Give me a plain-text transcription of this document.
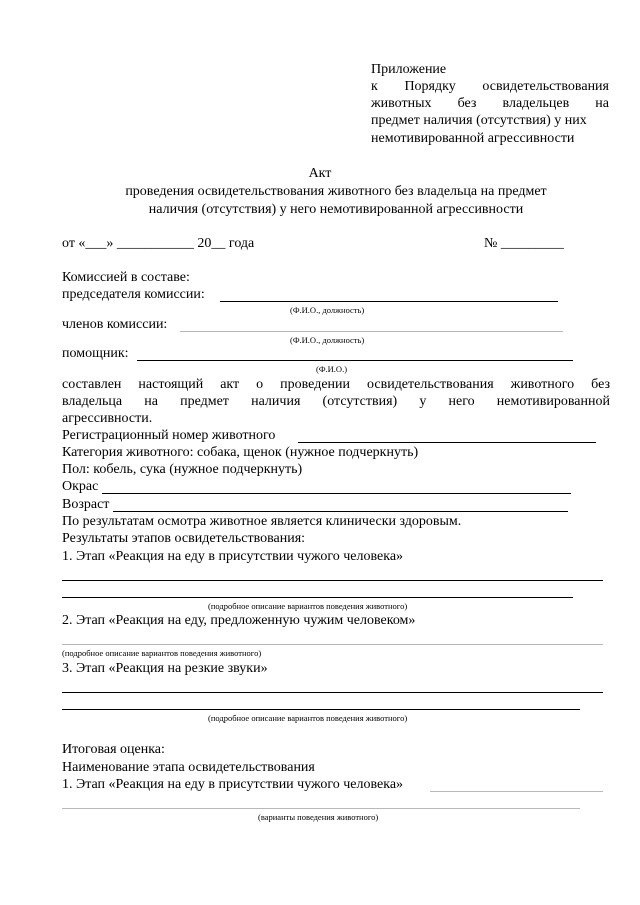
Приложение
к Порядку освидетельствования
животных без владельцев на
предмет наличия (отсутствия) у них
немотивированной агрессивности
Акт
проведения освидетельствования животного без владельца на предмет
наличия (отсутствия) у него немотивированной агрессивности
от «___» ___________ 20__ года	№ _________
Комиссией в составе:
председателя комиссии:
(Ф.И.О., должность)
членов комиссии:
(Ф.И.О., должность)
помощник:
(Ф.И.О.)
составлен настоящий акт о проведении освидетельствования животного без
владельца на предмет наличия (отсутствия) у него немотивированной
агрессивности.
Регистрационный номер животного
Категория животного: собака, щенок (нужное подчеркнуть)
Пол: кобель, сука (нужное подчеркнуть)
Окрас
Возраст
По результатам осмотра животное является клинически здоровым.
Результаты этапов освидетельствования:
1. Этап «Реакция на еду в присутствии чужого человека»
(подробное описание вариантов поведения животного)
2. Этап «Реакция на еду, предложенную чужим человеком»
(подробное описание вариантов поведения животного)
3. Этап «Реакция на резкие звуки»
(подробное описание вариантов поведения животного)
Итоговая оценка:
Наименование этапа освидетельствования
1. Этап «Реакция на еду в присутствии чужого человека»
(варианты поведения животного)
